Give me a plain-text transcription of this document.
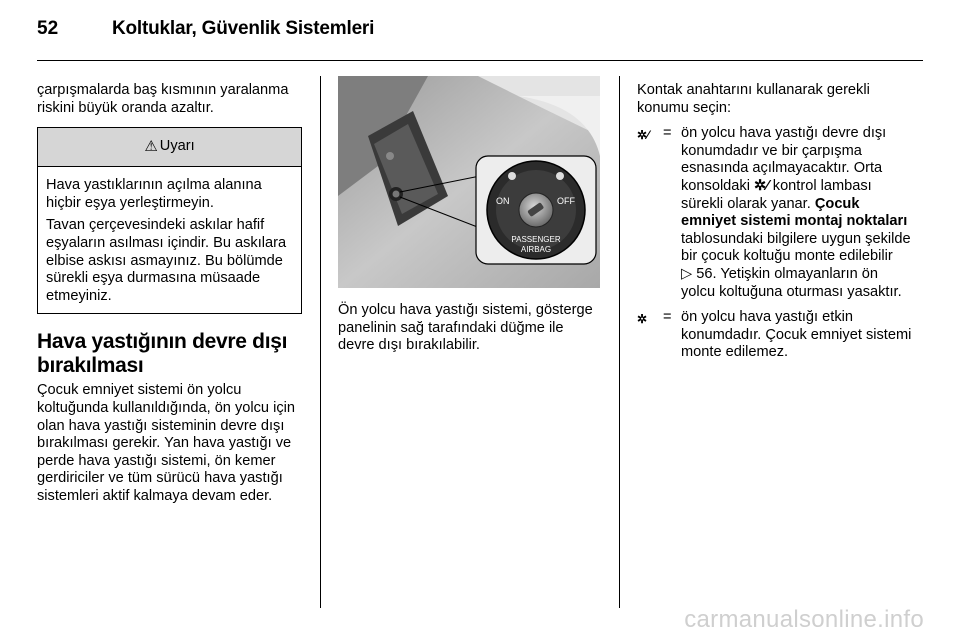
52	Koltuklar, Güvenlik Sistemleri

çarpışmalarda baş kısmının yaralanma riskini büyük oranda azaltır.

⚠ Uyarı

Hava yastıklarının açılma alanına hiçbir eşya yerleştirmeyin.

Tavan çerçevesindeki askılar hafif eşyaların asılması içindir. Bu askılara elbise askısı asmayınız. Bu bölümde sürekli eşya durmasına müsaade etmeyiniz.

Hava yastığının devre dışı bırakılması

Çocuk emniyet sistemi ön yolcu koltuğunda kullanıldığında, ön yolcu için olan hava yastığı sisteminin devre dışı bırakılması gerekir. Yan hava yastığı ve perde hava yastığı sistemi, ön kemer gerdiriciler ve tüm sürücü hava yastığı sistemleri aktif kalmaya devam eder.

ON	OFF
PASSENGER
AIRBAG

Ön yolcu hava yastığı sistemi, gösterge panelinin sağ tarafındaki düğme ile devre dışı bırakılabilir.

Kontak anahtarını kullanarak gerekli konumu seçin:

✲⁄ = ön yolcu hava yastığı devre dışı konumdadır ve bir çarpışma esnasında açılmayacaktır. Orta konsoldaki ✲⁄ kontrol lambası sürekli olarak yanar. Çocuk emniyet sistemi montaj noktaları tablosundaki bilgilere uygun şekilde bir çocuk koltuğu monte edilebilir
▷ 56. Yetişkin olmayanların ön yolcu koltuğuna oturması yasaktır.
✲	= ön yolcu hava yastığı etkin konumdadır. Çocuk emniyet sistemi monte edilemez.
carmanualsonline.info
